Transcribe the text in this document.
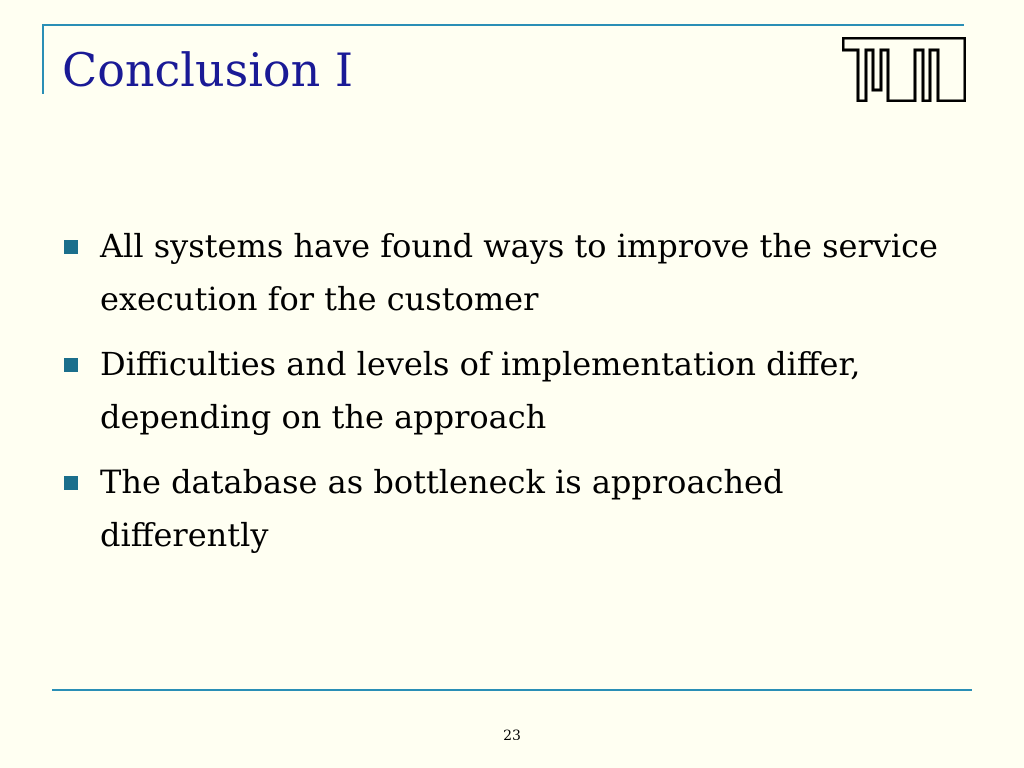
Conclusion I
All systems have found ways to improve the service execution for the customer
Difficulties and levels of implementation differ, depending on the approach
The database as bottleneck is approached differently
23
